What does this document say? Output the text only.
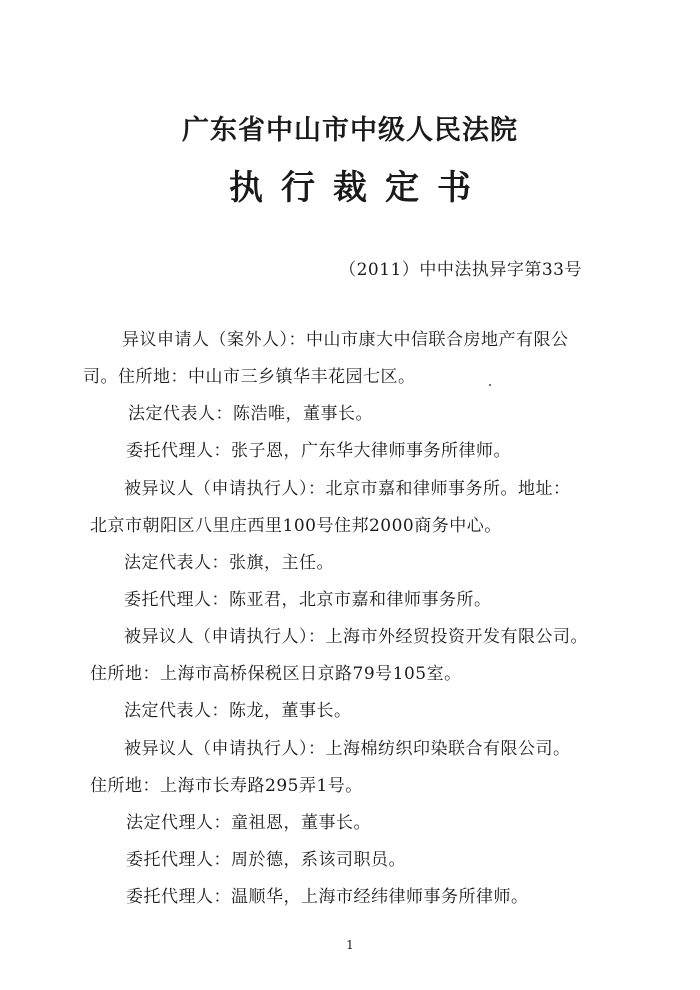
广东省中山市中级人民法院
执行裁定书
（2011）中中法执异字第33号
异议申请人（案外人）：中山市康大中信联合房地产有限公
司。住所地：中山市三乡镇华丰花园七区。
法定代表人：陈浩唯，董事长。
委托代理人：张子恩，广东华大律师事务所律师。
被异议人（申请执行人）：北京市嘉和律师事务所。地址：
北京市朝阳区八里庄西里100号住邦2000商务中心。
法定代表人：张旗，主任。
委托代理人：陈亚君，北京市嘉和律师事务所。
被异议人（申请执行人）：上海市外经贸投资开发有限公司。
住所地：上海市高桥保税区日京路79号105室。
法定代表人：陈龙，董事长。
被异议人（申请执行人）：上海棉纺织印染联合有限公司。
住所地：上海市长寿路295弄1号。
法定代理人：童祖恩，董事长。
委托代理人：周於德，系该司职员。
委托代理人：温顺华，上海市经纬律师事务所律师。
1
